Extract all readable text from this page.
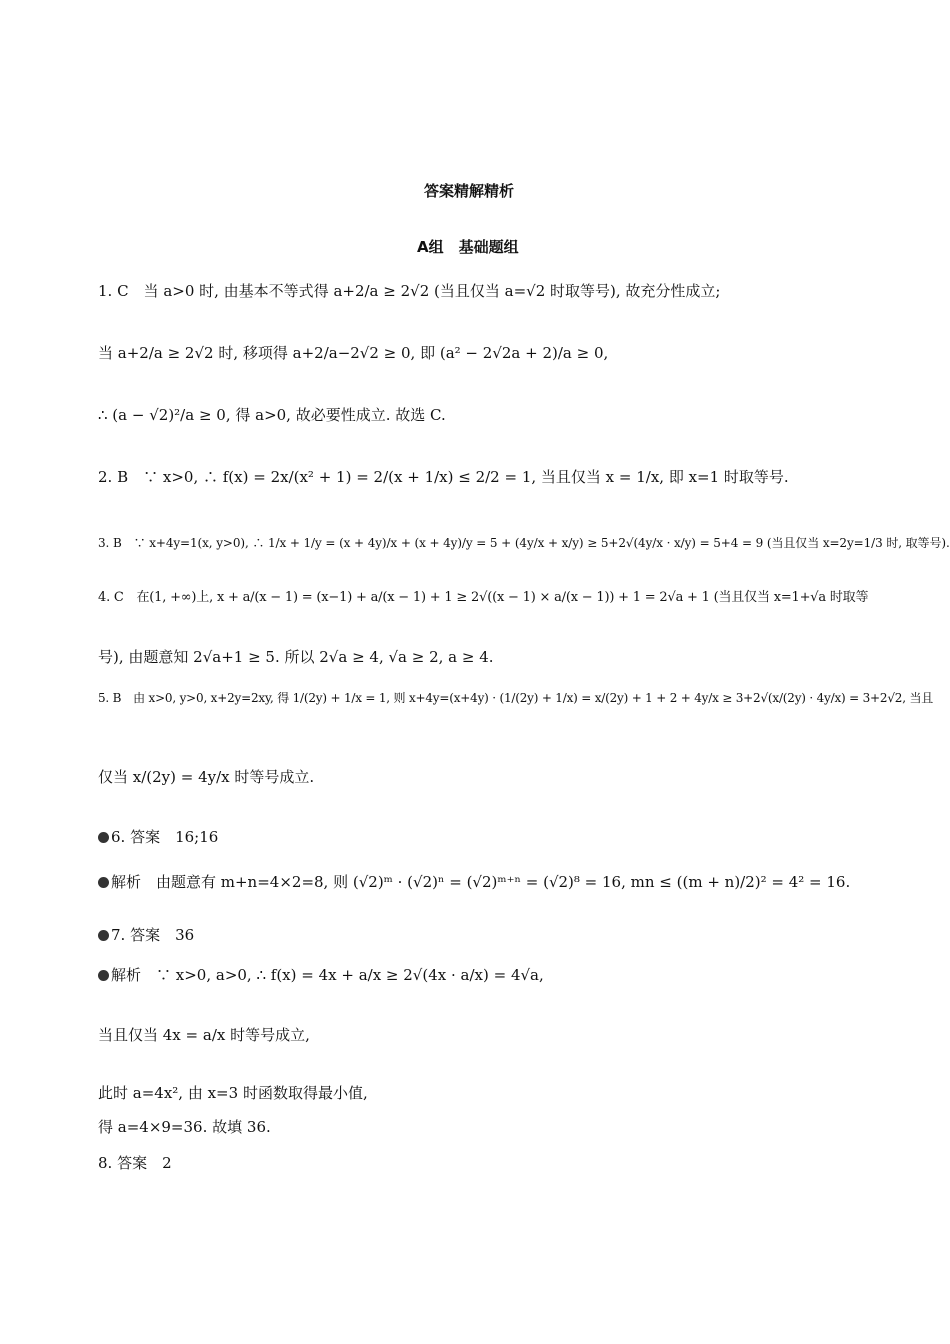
答案精解精析
A组　基础题组
1. C　当 a>0 时, 由基本不等式得 a+2/a ≥ 2√2 (当且仅当 a=√2 时取等号), 故充分性成立;
当 a+2/a ≥ 2√2 时, 移项得 a+2/a−2√2 ≥ 0, 即 (a² − 2√2a + 2)/a ≥ 0,
∴ (a − √2)²/a ≥ 0, 得 a>0, 故必要性成立. 故选 C.
2. B　∵ x>0, ∴ f(x) = 2x/(x² + 1) = 2/(x + 1/x) ≤ 2/2 = 1, 当且仅当 x = 1/x, 即 x=1 时取等号.
3. B　∵ x+4y=1(x, y>0), ∴ 1/x + 1/y = (x + 4y)/x + (x + 4y)/y = 5 + (4y/x + x/y) ≥ 5+2√(4y/x · x/y) = 5+4 = 9 (当且仅当 x=2y=1/3 时, 取等号).
4. C　在(1, +∞)上, x + a/(x − 1) = (x−1) + a/(x − 1) + 1 ≥ 2√((x − 1) × a/(x − 1)) + 1 = 2√a + 1 (当且仅当 x=1+√a 时取等
号), 由题意知 2√a+1 ≥ 5. 所以 2√a ≥ 4, √a ≥ 2, a ≥ 4.
5. B　由 x>0, y>0, x+2y=2xy, 得 1/(2y) + 1/x = 1, 则 x+4y=(x+4y) · (1/(2y) + 1/x) = x/(2y) + 1 + 2 + 4y/x ≥ 3+2√(x/(2y) · 4y/x) = 3+2√2, 当且
仅当 x/(2y) = 4y/x 时等号成立.
6. 答案　16;16
解析　由题意有 m+n=4×2=8, 则 (√2)ᵐ · (√2)ⁿ = (√2)ᵐ⁺ⁿ = (√2)⁸ = 16, mn ≤ ((m + n)/2)² = 4² = 16.
7. 答案　36
解析　∵ x>0, a>0, ∴ f(x) = 4x + a/x ≥ 2√(4x · a/x) = 4√a,
当且仅当 4x = a/x 时等号成立,
此时 a=4x², 由 x=3 时函数取得最小值,
得 a=4×9=36. 故填 36.
8. 答案　2
